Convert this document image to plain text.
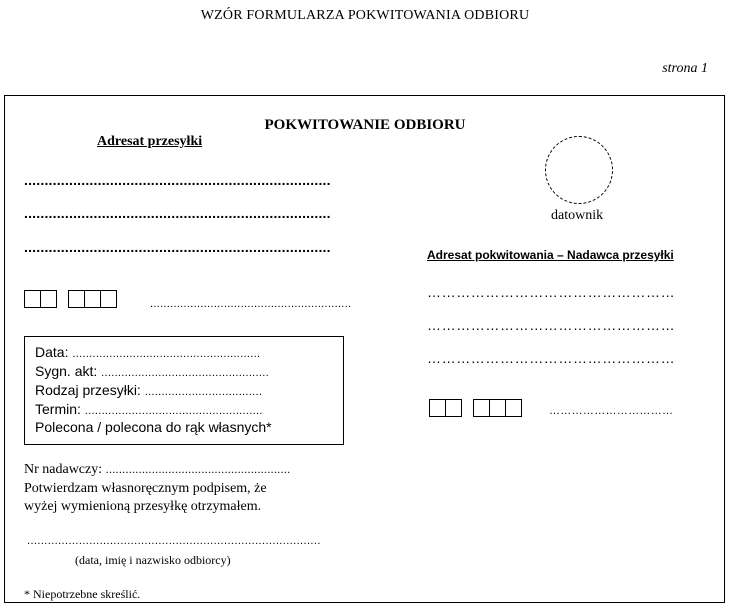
WZÓR FORMULARZA POKWITOWANIA ODBIORU
strona 1
POKWITOWANIE ODBIORU
Adresat przesyłki
...........................................................................
...........................................................................
...........................................................................
............................................................
datownik
Adresat pokwitowania – Nadawca przesyłki
……………………………………………
……………………………………………
……………………………………………
……………………………
Data: ........................................................
Sygn. akt: ..................................................
Rodzaj przesyłki: ...................................
Termin: .....................................................
Polecona / polecona do rąk własnych*
Nr nadawczy: ........................................................
Potwierdzam własnoręcznym podpisem, że
wyżej wymienioną przesyłkę otrzymałem.
.....................................................................................
(data, imię i nazwisko odbiorcy)
* Niepotrzebne skreślić.
